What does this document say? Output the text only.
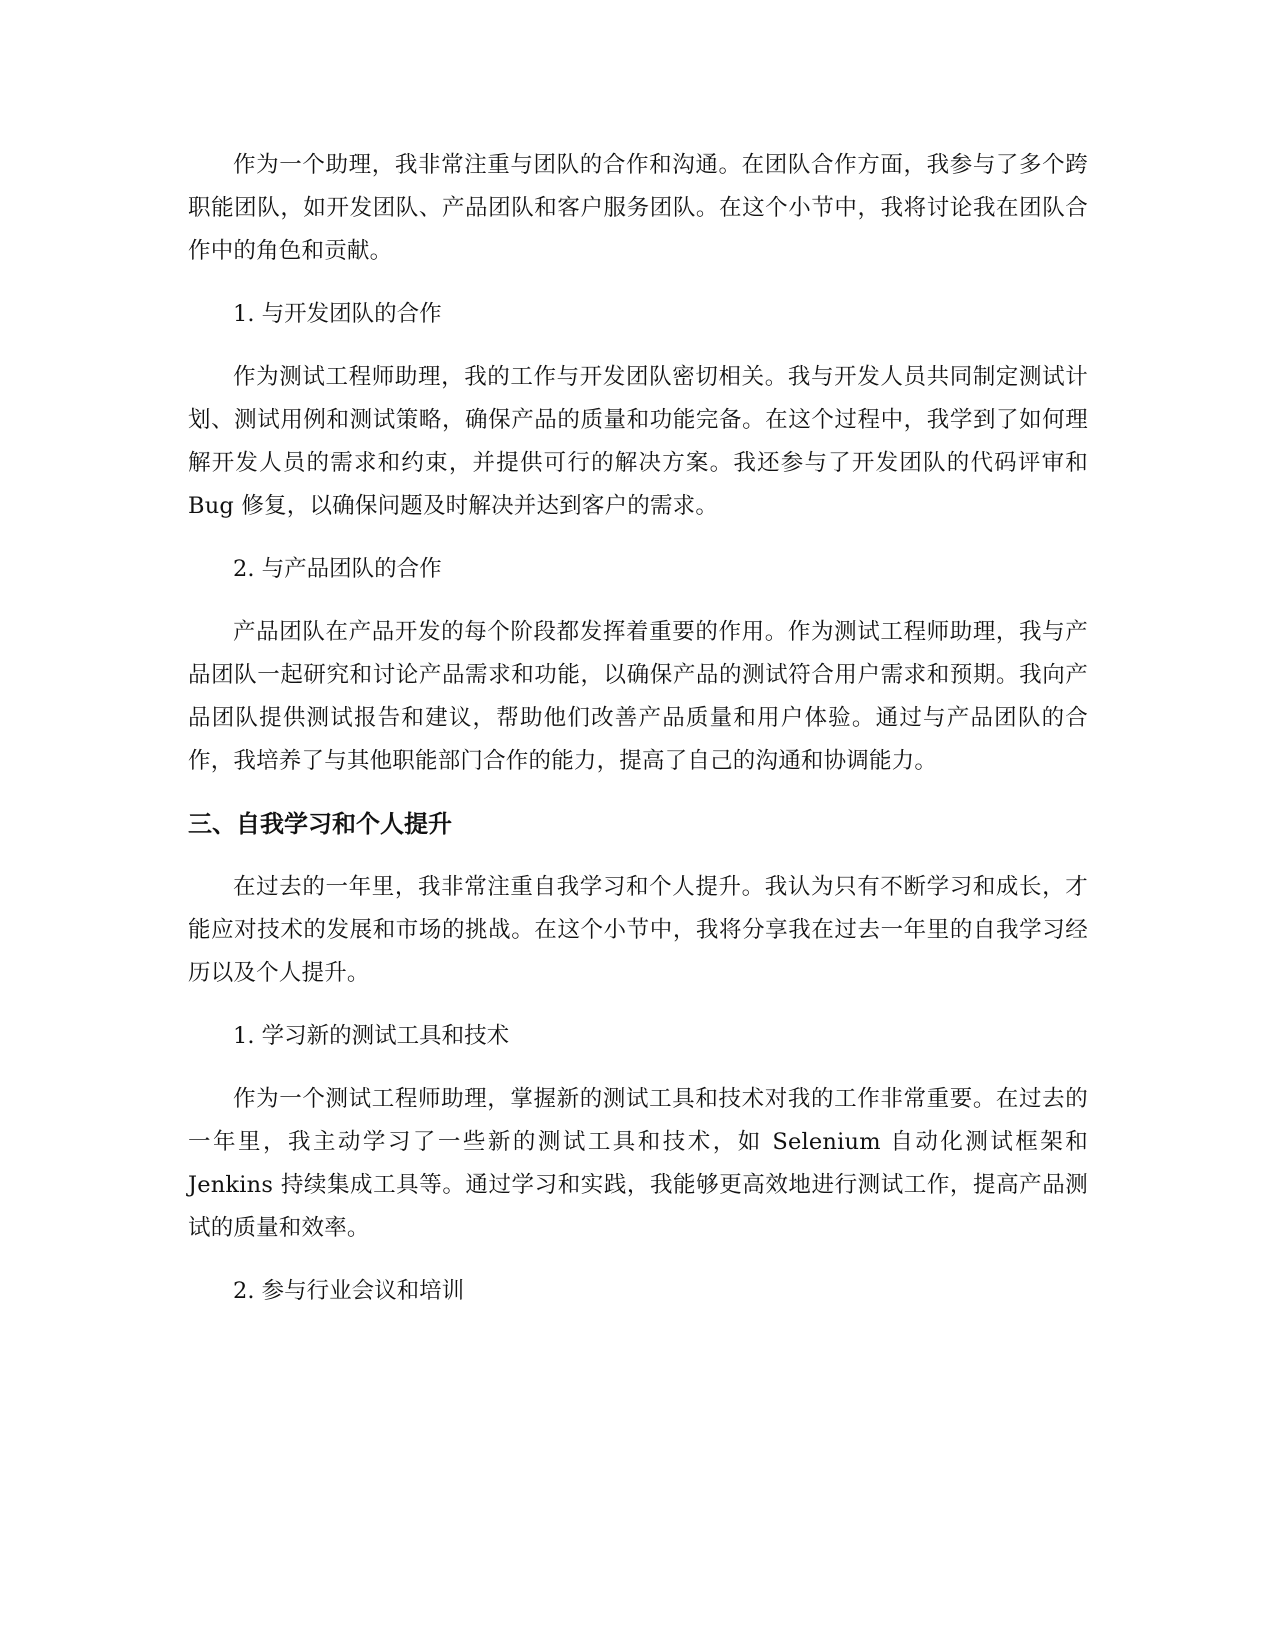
作为一个助理，我非常注重与团队的合作和沟通。在团队合作方面，我参与了多个跨职能团队，如开发团队、产品团队和客户服务团队。在这个小节中，我将讨论我在团队合作中的角色和贡献。

1. 与开发团队的合作

作为测试工程师助理，我的工作与开发团队密切相关。我与开发人员共同制定测试计划、测试用例和测试策略，确保产品的质量和功能完备。在这个过程中，我学到了如何理解开发人员的需求和约束，并提供可行的解决方案。我还参与了开发团队的代码评审和 Bug 修复，以确保问题及时解决并达到客户的需求。

2. 与产品团队的合作

产品团队在产品开发的每个阶段都发挥着重要的作用。作为测试工程师助理，我与产品团队一起研究和讨论产品需求和功能，以确保产品的测试符合用户需求和预期。我向产品团队提供测试报告和建议，帮助他们改善产品质量和用户体验。通过与产品团队的合作，我培养了与其他职能部门合作的能力，提高了自己的沟通和协调能力。

三、自我学习和个人提升

在过去的一年里，我非常注重自我学习和个人提升。我认为只有不断学习和成长，才能应对技术的发展和市场的挑战。在这个小节中，我将分享我在过去一年里的自我学习经历以及个人提升。

1. 学习新的测试工具和技术

作为一个测试工程师助理，掌握新的测试工具和技术对我的工作非常重要。在过去的一年里，我主动学习了一些新的测试工具和技术，如 Selenium 自动化测试框架和 Jenkins 持续集成工具等。通过学习和实践，我能够更高效地进行测试工作，提高产品测试的质量和效率。

2. 参与行业会议和培训
